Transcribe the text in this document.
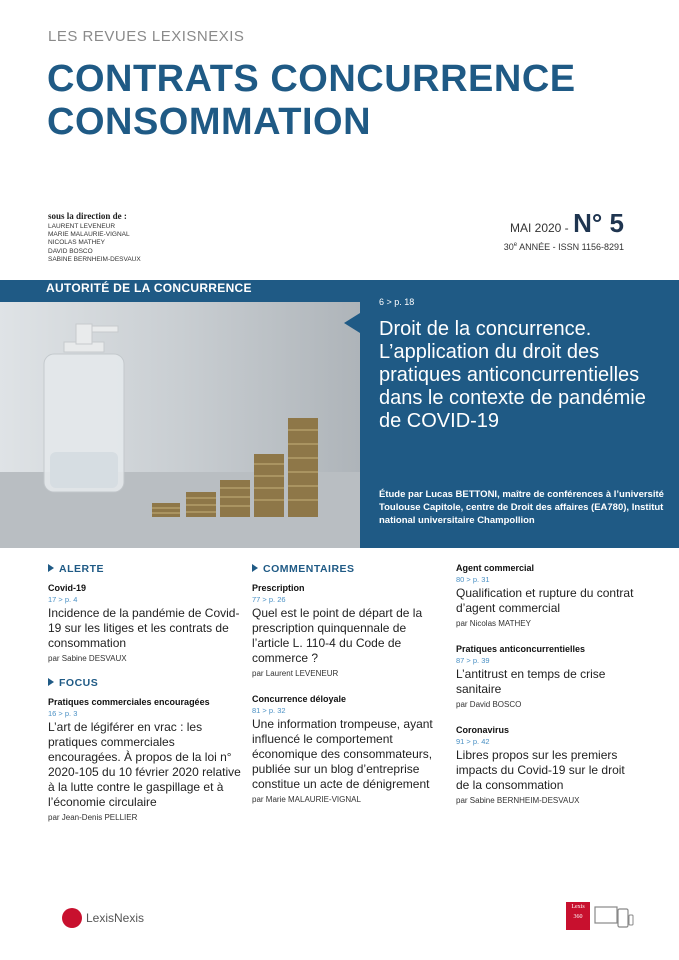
LES REVUES LEXISNEXIS
CONTRATS CONCURRENCE
CONSOMMATION
sous la direction de :
LAURENT LEVENEUR
MARIE MALAURIE-VIGNAL
NICOLAS MATHEY
DAVID BOSCO
SABINE BERNHEIM-DESVAUX
MAI 2020 - N° 5
30e ANNÉE - ISSN 1156-8291
AUTORITÉ DE LA CONCURRENCE
6 > p. 18
Droit de la concurrence. L’application du droit des pratiques anticoncurrentielles dans le contexte de pandémie de COVID-19
Étude par Lucas BETTONI, maître de conférences à l’université Toulouse Capitole, centre de Droit des affaires (EA780), Institut national universitaire Champollion
ALERTE
Covid-19
17 > p. 4
Incidence de la pandémie de Covid-19 sur les litiges et les contrats de consommation
par Sabine DESVAUX
FOCUS
Pratiques commerciales encouragées
16 > p. 3
L’art de légiférer en vrac : les pratiques commerciales encouragées. À propos de la loi n° 2020-105 du 10 février 2020 relative à la lutte contre le gaspillage et à l’économie circulaire
par Jean-Denis PELLIER
COMMENTAIRES
Prescription
77 > p. 26
Quel est le point de départ de la prescription quinquennale de l’article L. 110-4 du Code de commerce ?
par Laurent LEVENEUR
Concurrence déloyale
81 > p. 32
Une information trompeuse, ayant influencé le comportement économique des consommateurs, publiée sur un blog d’entreprise constitue un acte de dénigrement
par Marie MALAURIE-VIGNAL
Agent commercial
80 > p. 31
Qualification et rupture du contrat d’agent commercial
par Nicolas MATHEY
Pratiques anticoncurrentielles
87 > p. 39
L’antitrust en temps de crise sanitaire
par David BOSCO
Coronavirus
91 > p. 42
Libres propos sur les premiers impacts du Covid-19 sur le droit de la consommation
par Sabine BERNHEIM-DESVAUX
LexisNexis
Lexis
360
